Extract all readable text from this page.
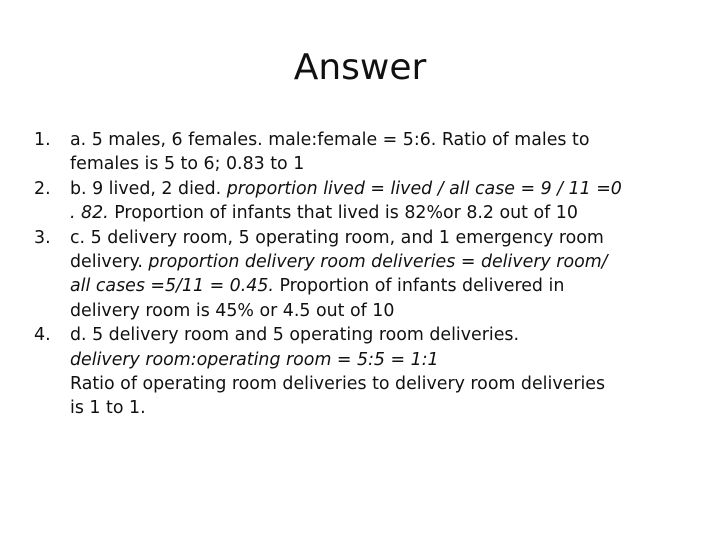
Answer
1. a. 5 males, 6 females. male:female = 5:6. Ratio of males to
females is 5 to 6; 0.83 to 1
2. b. 9 lived, 2 died. proportion lived = lived / all case = 9 / 11 =0
. 82. Proportion of infants that lived is 82%or 8.2 out of 10
3. c. 5 delivery room, 5 operating room, and 1 emergency room
delivery. proportion delivery room deliveries = delivery room/
all cases =5/11 = 0.45. Proportion of infants delivered in
delivery room is 45% or 4.5 out of 10
4. d. 5 delivery room and 5 operating room deliveries.
delivery room:operating room = 5:5 = 1:1
Ratio of operating room deliveries to delivery room deliveries
is 1 to 1.
